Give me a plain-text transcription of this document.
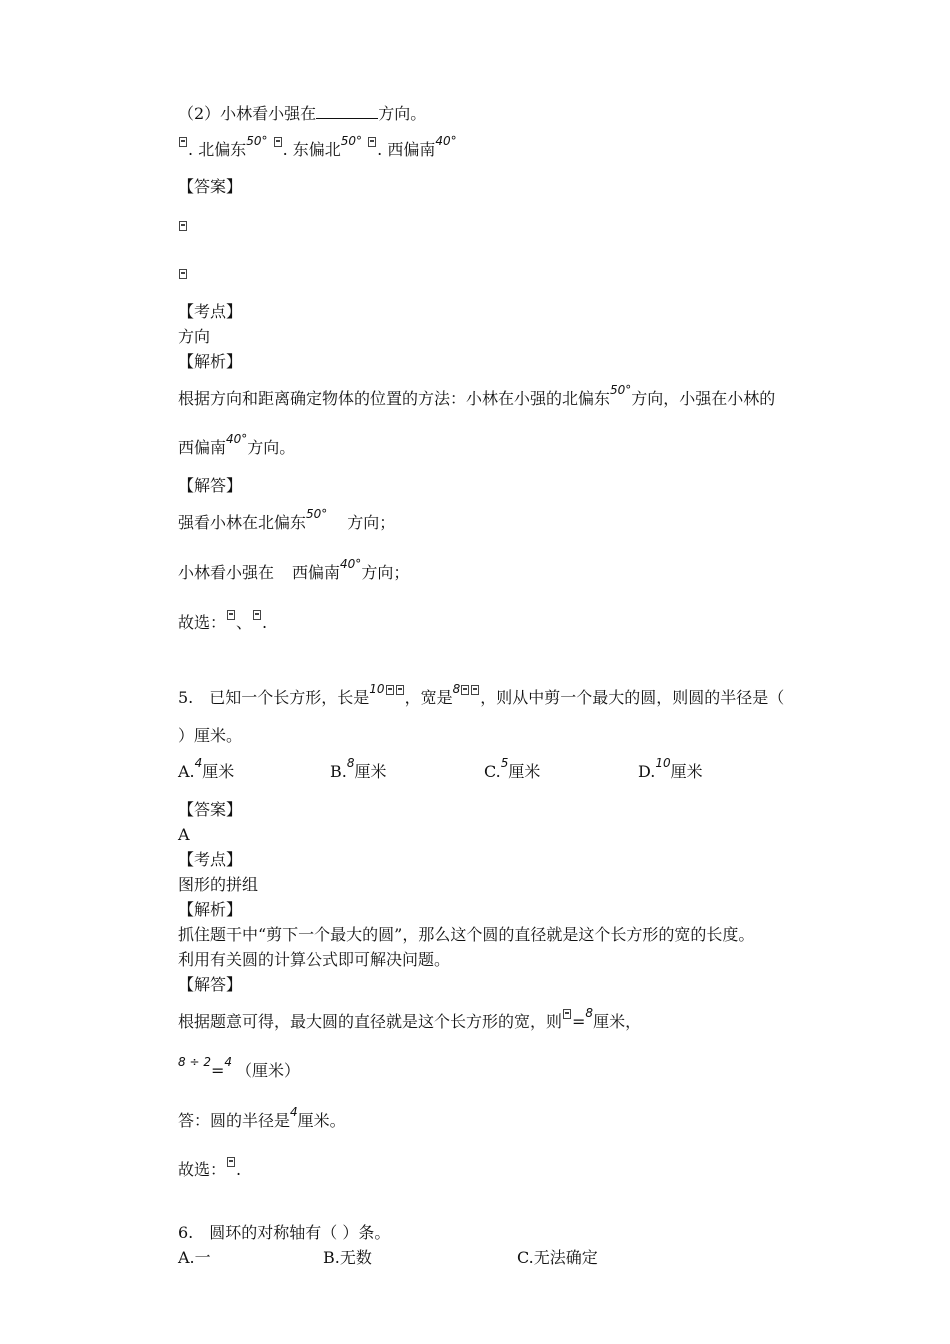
（2）小林看小强在	方向。
. 北偏东$^{50^\circ}$ . 东偏北$^{50^\circ}$ . 西偏南$^{40^\circ}$
【答案】
【考点】
方向
【解析】
根据方向和距离确定物体的位置的方法：小林在小强的北偏东$^{50^\circ}$方向，小强在小林的
西偏南$^{40^\circ}$方向。
【解答】
强看小林在北偏东$^{50^\circ}$ 方向；
小林看小强在 西偏南$^{40^\circ}$方向；
故选： 、 .
5.　已知一个长方形，长是$^{10}$ ，宽是$^8$ ，则从中剪一个最大的圆，则圆的半径是（
）厘米。
A.$^4$厘米	B.$^8$厘米	C.$^5$厘米	D.$^{10}$厘米
【答案】
A
【考点】
图形的拼组
【解析】
抓住题干中“剪下一个最大的圆”，那么这个圆的直径就是这个长方形的宽的长度。
利用有关圆的计算公式即可解决问题。
【解答】
根据题意可得，最大圆的直径就是这个长方形的宽，则 =$^8$厘米，
$^{8 \div 2}$=$^4$ （厘米）
答：圆的半径是$^4$厘米。
故选： .
6.　圆环的对称轴有（ ）条。
A.一	B.无数	C.无法确定
